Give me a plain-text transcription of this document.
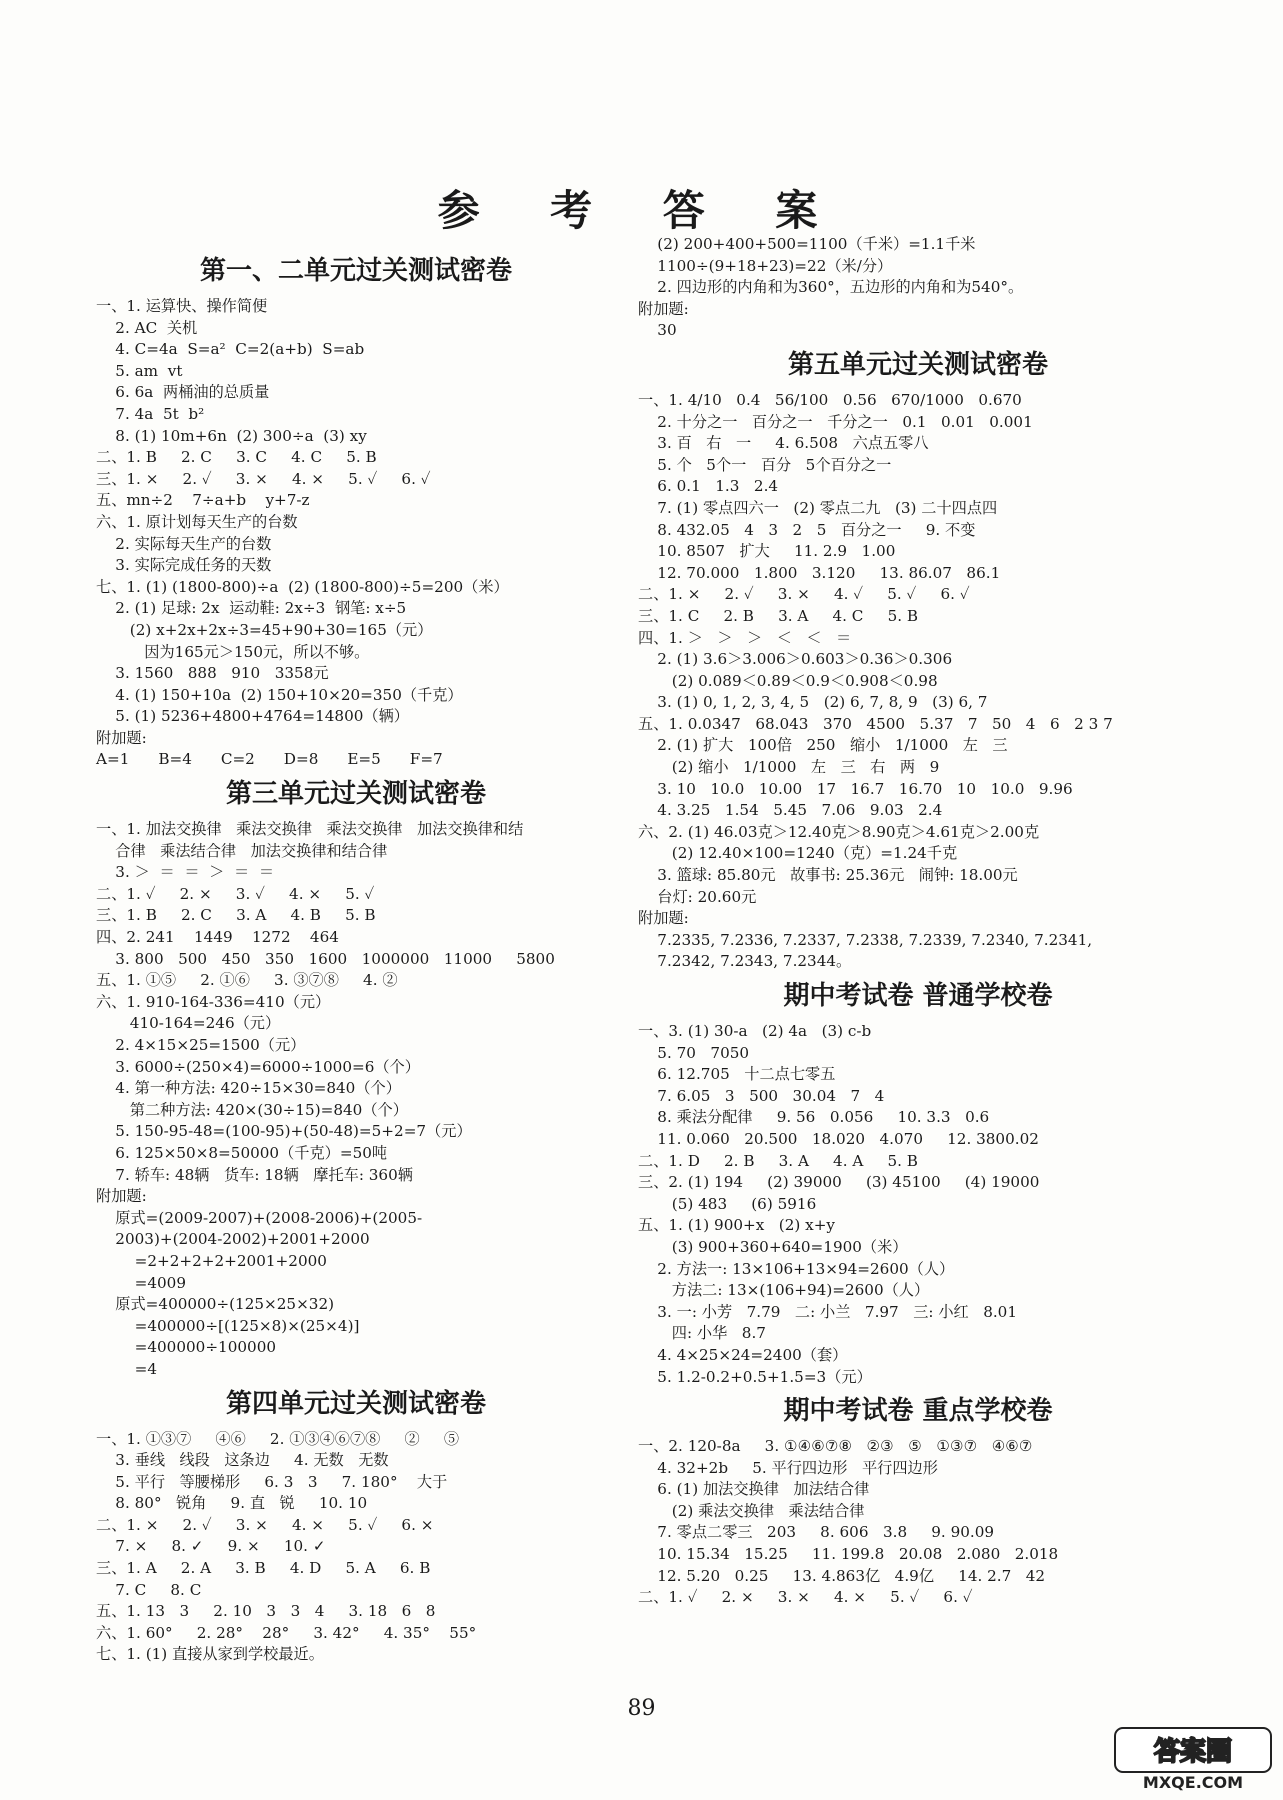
参 考 答 案
第一、二单元过关测试密卷
一、1. 运算快、操作简便
2. AC  关机
4. C=4a  S=a²  C=2(a+b)  S=ab
5. am  vt
6. 6a  两桶油的总质量
7. 4a  5t  b²
8. (1) 10m+6n  (2) 300÷a  (3) xy
二、1. B     2. C     3. C     4. C     5. B
三、1. ×     2. ✓     3. ×     4. ×     5. ✓     6. ✓
五、mn÷2    7÷a+b    y+7-z
六、1. 原计划每天生产的台数
2. 实际每天生产的台数
3. 实际完成任务的天数
七、1. (1) (1800-800)÷a  (2) (1800-800)÷5=200（米）
2. (1) 足球: 2x  运动鞋: 2x÷3  钢笔: x÷5
(2) x+2x+2x÷3=45+90+30=165（元）
因为165元＞150元，所以不够。
3. 1560   888   910   3358元
4. (1) 150+10a  (2) 150+10×20=350（千克）
5. (1) 5236+4800+4764=14800（辆）
附加题:
A=1      B=4      C=2      D=8      E=5      F=7
第三单元过关测试密卷
一、1. 加法交换律   乘法交换律   乘法交换律   加法交换律和结
合律   乘法结合律   加法交换律和结合律
3. ＞  ＝  ＝  ＞  ＝  ＝
二、1. ✓     2. ×     3. ✓     4. ×     5. ✓
三、1. B     2. C     3. A     4. B     5. B
四、2. 241    1449    1272    464
3. 800   500   450   350   1600   1000000   11000     5800
五、1. ①⑤     2. ①⑥     3. ③⑦⑧     4. ②
六、1. 910-164-336=410（元）
410-164=246（元）
2. 4×15×25=1500（元）
3. 6000÷(250×4)=6000÷1000=6（个）
4. 第一种方法: 420÷15×30=840（个）
第二种方法: 420×(30÷15)=840（个）
5. 150-95-48=(100-95)+(50-48)=5+2=7（元）
6. 125×50×8=50000（千克）=50吨
7. 轿车: 48辆   货车: 18辆   摩托车: 360辆
附加题:
原式=(2009-2007)+(2008-2006)+(2005-
2003)+(2004-2002)+2001+2000
=2+2+2+2+2001+2000
=4009
原式=400000÷(125×25×32)
=400000÷[(125×8)×(25×4)]
=400000÷100000
=4
第四单元过关测试密卷
一、1. ①③⑦     ④⑥     2. ①③④⑥⑦⑧     ②     ⑤
3. 垂线   线段   这条边     4. 无数   无数
5. 平行   等腰梯形     6. 3   3     7. 180°    大于
8. 80°   锐角     9. 直   锐     10. 10
二、1. ×     2. ✓     3. ×     4. ×     5. ✓     6. ×
7. ×     8. ✓     9. ×     10. ✓
三、1. A     2. A     3. B     4. D     5. A     6. B
7. C     8. C
五、1. 13   3     2. 10   3   3   4     3. 18   6   8
六、1. 60°     2. 28°    28°     3. 42°     4. 35°    55°
七、1. (1) 直接从家到学校最近。
(2) 200+400+500=1100（千米）=1.1千米
1100÷(9+18+23)=22（米/分）
2. 四边形的内角和为360°，五边形的内角和为540°。
附加题:
30
第五单元过关测试密卷
一、1. 4/10   0.4   56/100   0.56   670/1000   0.670
2. 十分之一   百分之一   千分之一   0.1   0.01   0.001
3. 百   右   一     4. 6.508   六点五零八
5. 个   5个一   百分   5个百分之一
6. 0.1   1.3   2.4
7. (1) 零点四六一   (2) 零点二九   (3) 二十四点四
8. 432.05   4   3   2   5   百分之一     9. 不变
10. 8507   扩大     11. 2.9   1.00
12. 70.000   1.800   3.120     13. 86.07   86.1
二、1. ×     2. ✓     3. ×     4. ✓     5. ✓     6. ✓
三、1. C     2. B     3. A     4. C     5. B
四、1. ＞   ＞   ＞   ＜   ＜   ＝
2. (1) 3.6＞3.006＞0.603＞0.36＞0.306
(2) 0.089＜0.89＜0.9＜0.908＜0.98
3. (1) 0, 1, 2, 3, 4, 5   (2) 6, 7, 8, 9   (3) 6, 7
五、1. 0.0347   68.043   370   4500   5.37   7   50   4   6   2 3 7
2. (1) 扩大   100倍   250   缩小   1/1000   左   三
(2) 缩小   1/1000   左   三   右   两   9
3. 10   10.0   10.00   17   16.7   16.70   10   10.0   9.96
4. 3.25   1.54   5.45   7.06   9.03   2.4
六、2. (1) 46.03克＞12.40克＞8.90克＞4.61克＞2.00克
(2) 12.40×100=1240（克）=1.24千克
3. 篮球: 85.80元   故事书: 25.36元   闹钟: 18.00元
台灯: 20.60元
附加题:
7.2335, 7.2336, 7.2337, 7.2338, 7.2339, 7.2340, 7.2341,
7.2342, 7.2343, 7.2344。
期中考试卷 普通学校卷
一、3. (1) 30-a   (2) 4a   (3) c-b
5. 70   7050
6. 12.705   十二点七零五
7. 6.05   3   500   30.04   7   4
8. 乘法分配律     9. 56   0.056     10. 3.3   0.6
11. 0.060   20.500   18.020   4.070     12. 3800.02
二、1. D     2. B     3. A     4. A     5. B
三、2. (1) 194     (2) 39000     (3) 45100     (4) 19000
(5) 483     (6) 5916
五、1. (1) 900+x   (2) x+y
(3) 900+360+640=1900（米）
2. 方法一: 13×106+13×94=2600（人）
方法二: 13×(106+94)=2600（人）
3. 一: 小芳   7.79   二: 小兰   7.97   三: 小红   8.01
四: 小华   8.7
4. 4×25×24=2400（套）
5. 1.2-0.2+0.5+1.5=3（元）
期中考试卷 重点学校卷
一、2. 120-8a     3. ①④⑥⑦⑧   ②③   ⑤   ①③⑦   ④⑥⑦
4. 32+2b     5. 平行四边形   平行四边形
6. (1) 加法交换律   加法结合律
(2) 乘法交换律   乘法结合律
7. 零点二零三   203     8. 606   3.8     9. 90.09
10. 15.34   15.25     11. 199.8   20.08   2.080   2.018
12. 5.20   0.25     13. 4.863亿   4.9亿     14. 2.7   42
二、1. ✓     2. ×     3. ×     4. ×     5. ✓     6. ✓
89
答案圈
MXQE.COM
